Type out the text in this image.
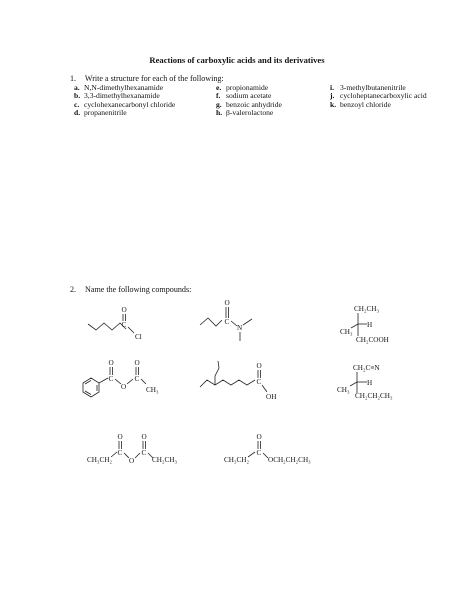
Reactions of carboxylic acids and its derivatives
1. Write a structure for each of the following:
a. N,N-dimethylhexanamide
b. 3,3-dimethylhexanamide
c. cyclohexanecarbonyl chloride
d. propanenitrile
e. propionamide
f. sodium acetate
g. benzoic anhydride
h. β-valerolactone
i. 3-methylbutanenitrile
j. cycloheptanecarboxylic acid
k. benzoyl chloride
2. Name the following compounds:
O
C
Cl
O
C
N
CH₂CH₃
CH₃
H
CH₂COOH
O
C
O
O
C
CH₃
O
C
OH
CH₂C≡N
CH₃
H
CH₂CH₂CH₃
CH₃CH₂
O
C
O
O
C
CH₂CH₃	CH₃CH₂
O
C
OCH₂CH₂CH₃
